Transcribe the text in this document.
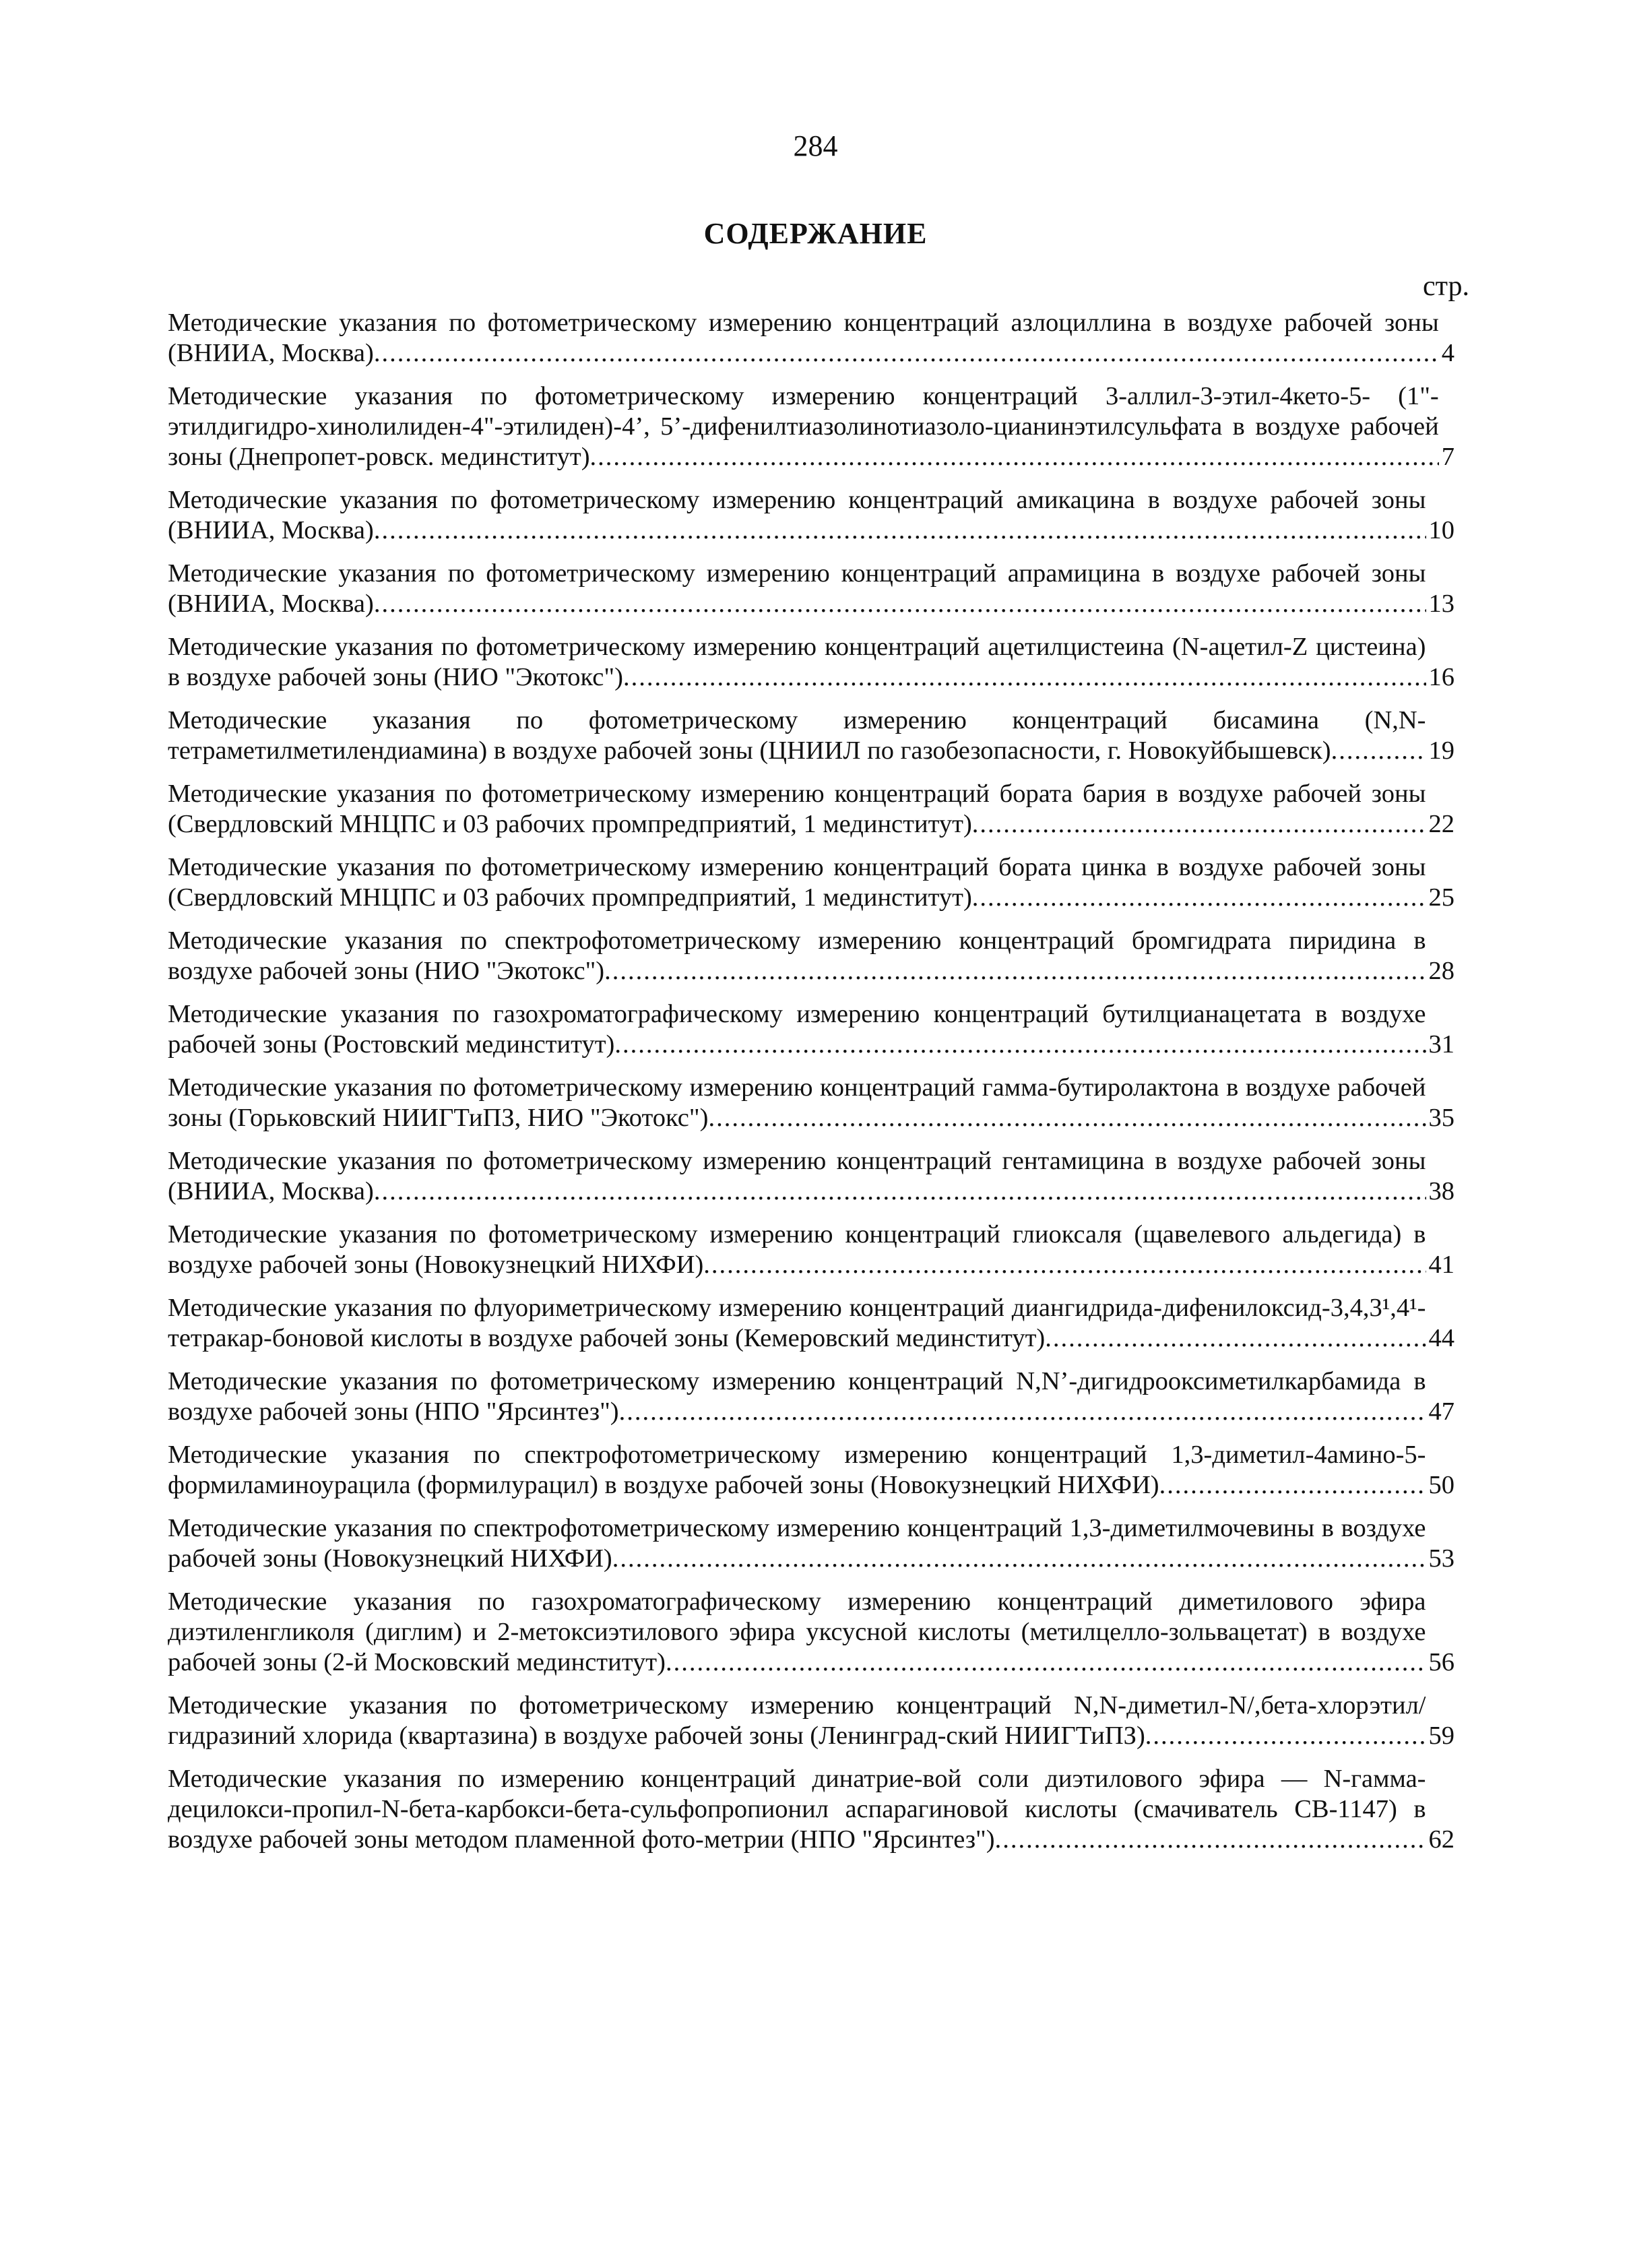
284
СОДЕРЖАНИЕ
стр.
Методические указания по фотометрическому измерению концентраций азлоциллина в воздухе рабочей зоны (ВНИИА, Москва) .....	4
Методические указания по фотометрическому измерению концентраций 3-аллил-3-этил-4кето-5- (1"-этилдигидро-хинолилиден-4"-этилиден)-4’, 5’-дифенилтиазолинотиазоло-цианинэтилсульфата в воздухе рабочей зоны (Днепропет-ровск. мединститут) .....	7
Методические указания по фотометрическому измерению концентраций амикацина в воздухе рабочей зоны (ВНИИА, Москва) .....	10
Методические указания по фотометрическому измерению концентраций апрамицина в воздухе рабочей зоны (ВНИИА, Москва) .....	13
Методические указания по фотометрическому измерению концентраций ацетилцистеина (N-ацетил-Z цистеина) в воздухе рабочей зоны (НИО "Экотокс") .....	16
Методические указания по фотометрическому измерению концентраций бисамина (N,N-тетраметилметилендиамина) в воздухе рабочей зоны (ЦНИИЛ по газобезопасности, г. Новокуйбышевск) .....	19
Методические указания по фотометрическому измерению концентраций бората бария в воздухе рабочей зоны (Свердловский МНЦПС и 03 рабочих промпредприятий, 1 мединститут) .....	22
Методические указания по фотометрическому измерению концентраций бората цинка в воздухе рабочей зоны (Свердловский МНЦПС и 03 рабочих промпредприятий, 1 мединститут) .....	25
Методические указания по спектрофотометрическому измерению концентраций бромгидрата пиридина в воздухе рабочей зоны (НИО "Экотокс") .....	28
Методические указания по газохроматографическому измерению концентраций бутилцианацетата в воздухе рабочей зоны (Ростовский мединститут) .....	31
Методические указания по фотометрическому измерению концентраций гамма-бутиролактона в воздухе рабочей зоны (Горьковский НИИГТиПЗ, НИО "Экотокс") .....	35
Методические указания по фотометрическому измерению концентраций гентамицина в воздухе рабочей зоны (ВНИИА, Москва) .....	38
Методические указания по фотометрическому измерению концентраций глиоксаля (щавелевого альдегида) в воздухе рабочей зоны (Новокузнецкий НИХФИ) .....	41
Методические указания по флуориметрическому измерению концентраций диангидрида-дифенилоксид-3,4,3¹,4¹-тетракар-боновой кислоты в воздухе рабочей зоны (Кемеровский мединститут) .....	44
Методические указания по фотометрическому измерению концентраций N,N’-дигидрооксиметилкарбамида в воздухе рабочей зоны (НПО "Ярсинтез") .....	47
Методические указания по спектрофотометрическому измерению концентраций 1,3-диметил-4амино-5-формиламиноурацила (формилурацил) в воздухе рабочей зоны (Новокузнецкий НИХФИ) .....	50
Методические указания по спектрофотометрическому измерению концентраций 1,3-диметилмочевины в воздухе рабочей зоны (Новокузнецкий НИХФИ) .....	53
Методические указания по газохроматографическому измерению концентраций диметилового эфира диэтиленгликоля (диглим) и 2-метоксиэтилового эфира уксусной кислоты (метилцелло-зольвацетат) в воздухе рабочей зоны (2-й Московский мединститут) .....	56
Методические указания по фотометрическому измерению концентраций N,N-диметил-N/,бета-хлорэтил/гидразиний хлорида (квартазина) в воздухе рабочей зоны (Ленинград-ский НИИГТиПЗ) .....	59
Методические указания по измерению концентраций динатрие-вой соли диэтилового эфира — N-гамма-децилокси-пропил-N-бета-карбокси-бета-сульфопропионил аспарагиновой кислоты (смачиватель СВ-1147) в воздухе рабочей зоны методом пламенной фото-метрии (НПО "Ярсинтез") .....	62
